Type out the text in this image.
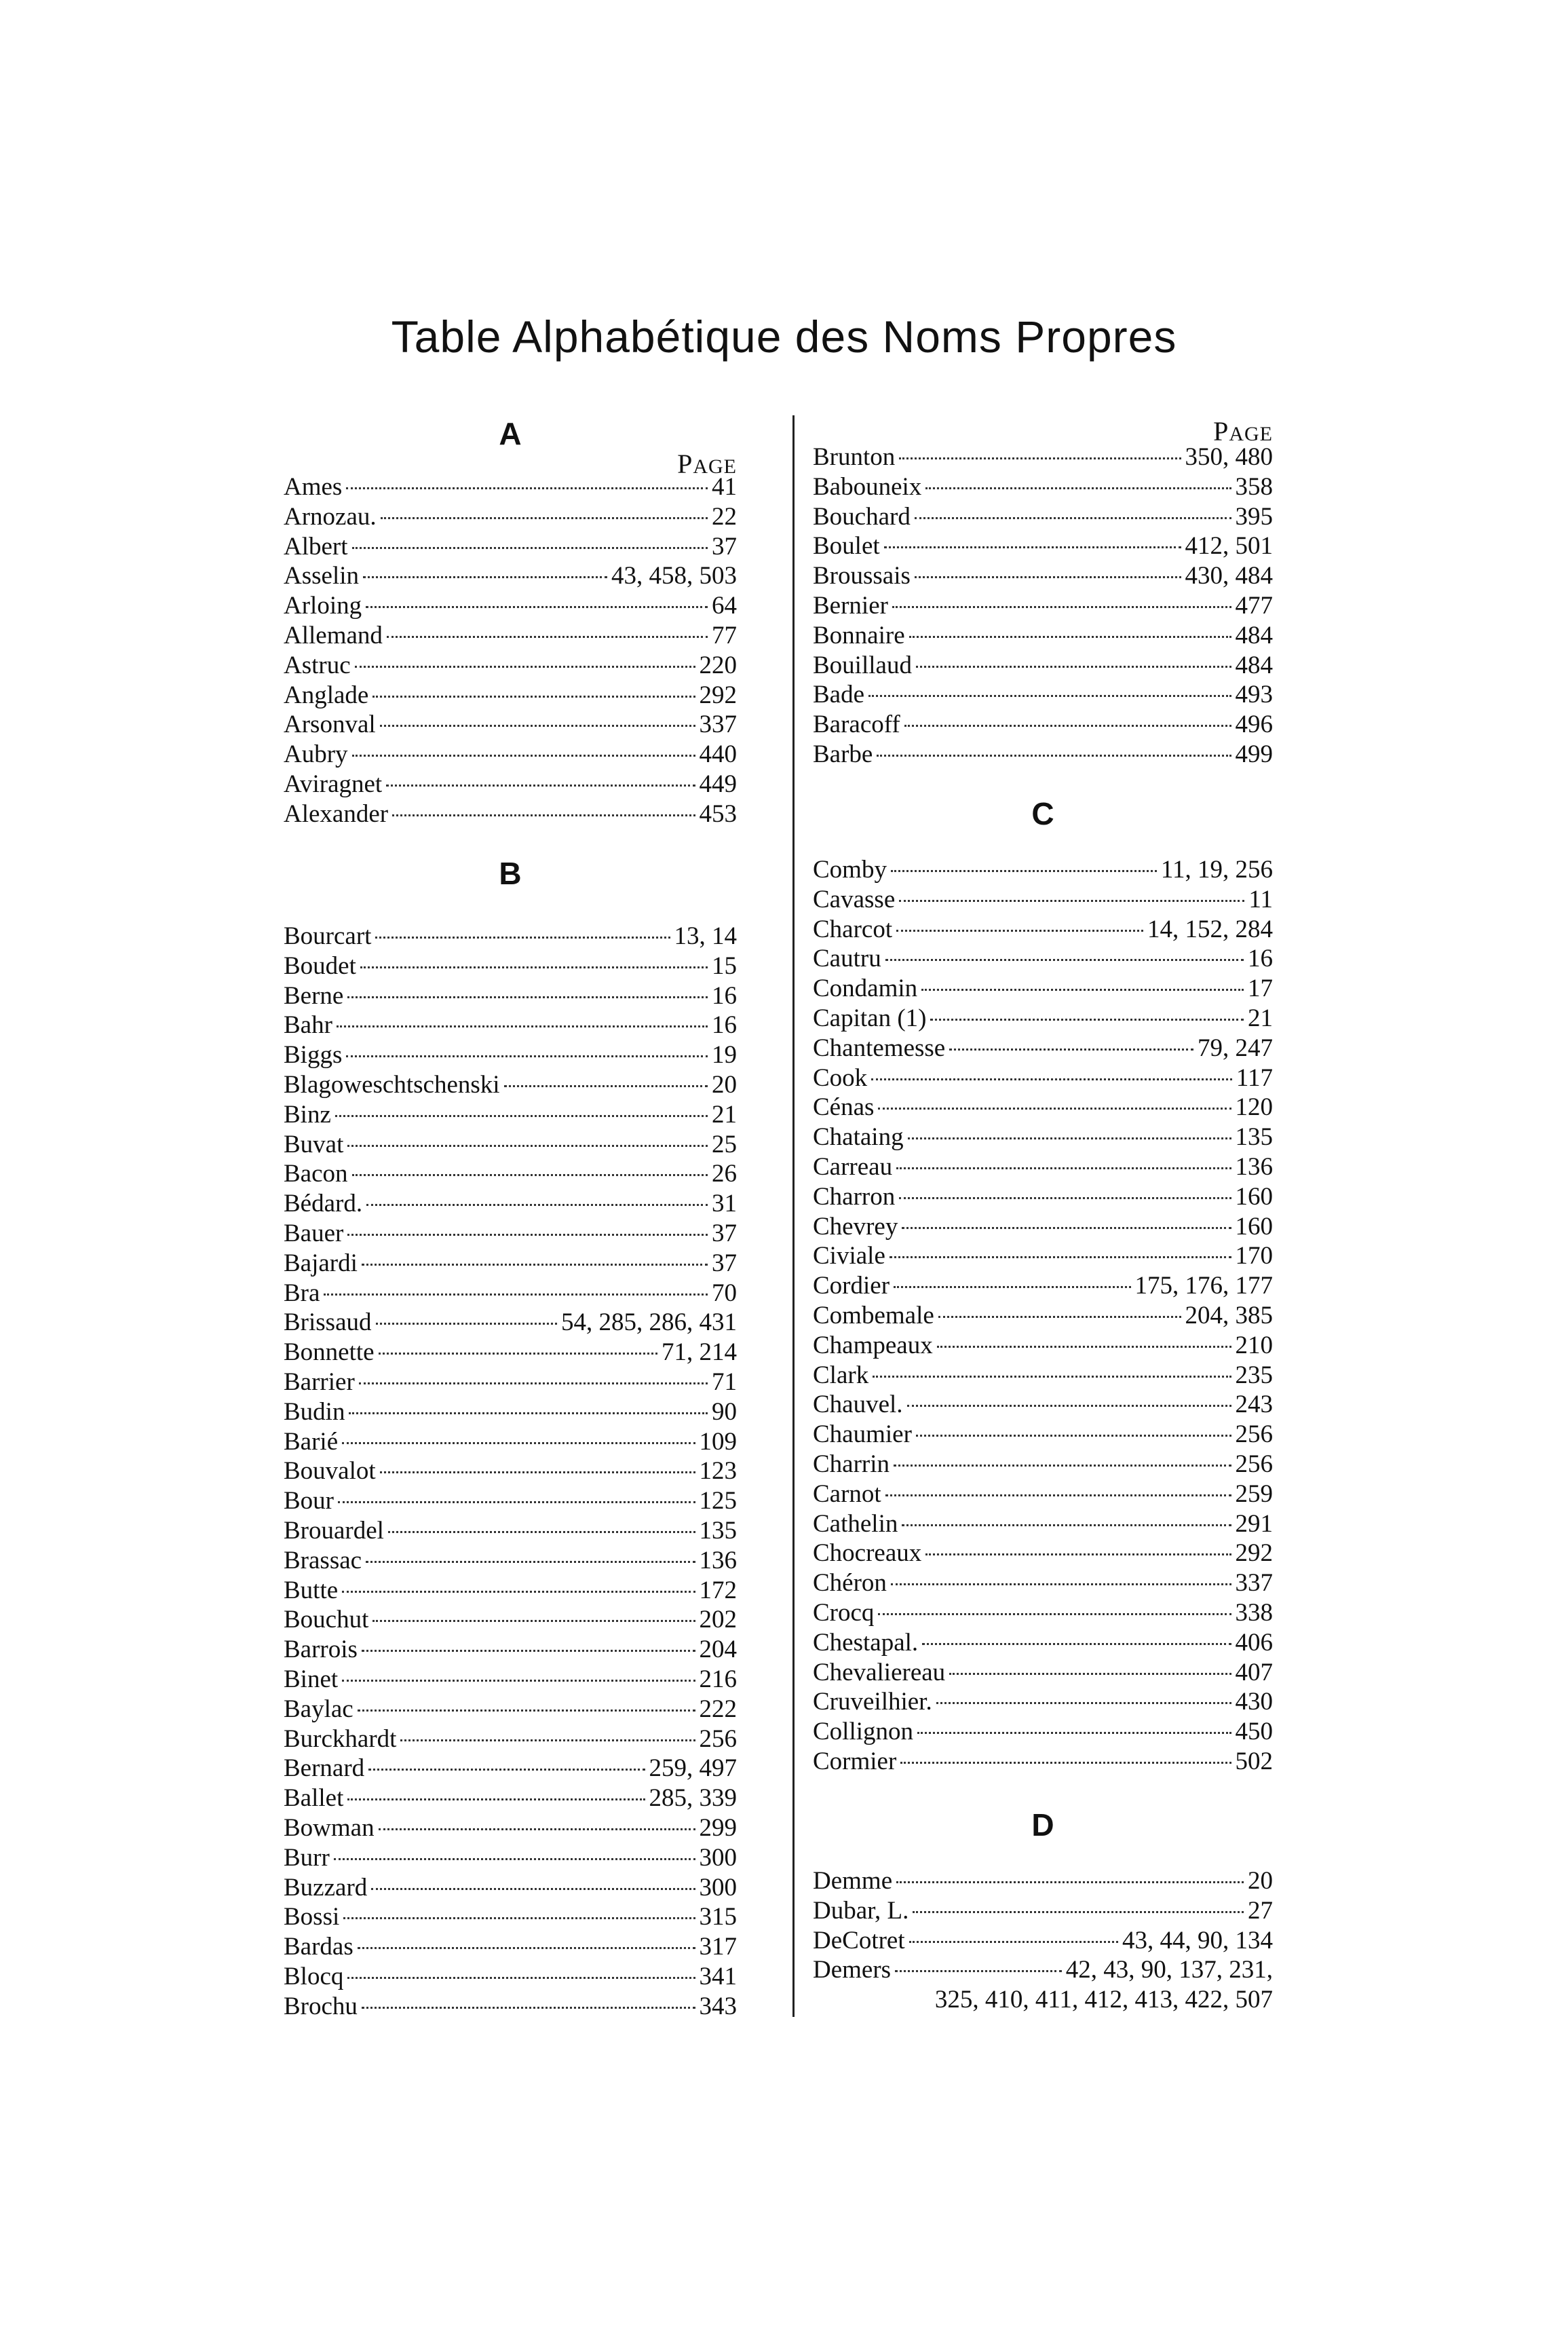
Table Alphabétique des Noms Propres
A
PAGE
Ames	41
Arnozau.	22
Albert	37
Asselin	43, 458, 503
Arloing	64
Allemand	77
Astruc	220
Anglade	292
Arsonval	337
Aubry	440
Aviragnet	449
Alexander	453
B
Bourcart	13, 14
Boudet	15
Berne	16
Bahr	16
Biggs	19
Blagoweschtschenski	20
Binz	21
Buvat	25
Bacon	26
Bédard.	31
Bauer	37
Bajardi	37
Bra	70
Brissaud	54, 285, 286, 431
Bonnette	71, 214
Barrier	71
Budin	90
Barié	109
Bouvalot	123
Bour	125
Brouardel	135
Brassac	136
Butte	172
Bouchut	202
Barrois	204
Binet	216
Baylac	222
Burckhardt	256
Bernard	259, 497
Ballet	285, 339
Bowman	299
Burr	300
Buzzard	300
Bossi	315
Bardas	317
Blocq	341
Brochu	343
PAGE
Brunton	350, 480
Babouneix	358
Bouchard	395
Boulet	412, 501
Broussais	430, 484
Bernier	477
Bonnaire	484
Bouillaud	484
Bade	493
Baracoff	496
Barbe	499
C
Comby	11, 19, 256
Cavasse	11
Charcot	14, 152, 284
Cautru	16
Condamin	17
Capitan (1)	21
Chantemesse	79, 247
Cook	117
Cénas	120
Chataing	135
Carreau	136
Charron	160
Chevrey	160
Civiale	170
Cordier	175, 176, 177
Combemale	204, 385
Champeaux	210
Clark	235
Chauvel.	243
Chaumier	256
Charrin	256
Carnot	259
Cathelin	291
Chocreaux	292
Chéron	337
Crocq	338
Chestapal.	406
Chevaliereau	407
Cruveilhier.	430
Collignon	450
Cormier	502
D
Demme	20
Dubar, L.	27
DeCotret	43, 44, 90, 134
Demers	42, 43, 90, 137, 231,
325, 410, 411, 412, 413, 422, 507
